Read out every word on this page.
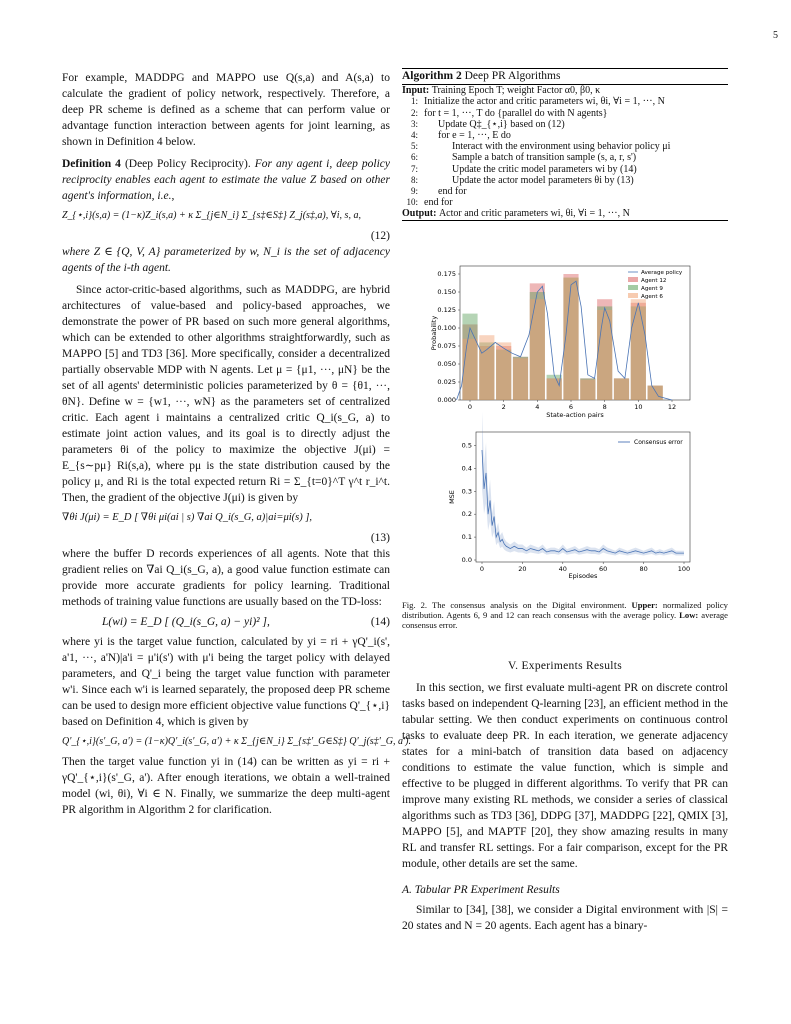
5

For example, MADDPG and MAPPO use Q(s,a) and A(s,a) to calculate the gradient of policy network, respectively. Therefore, a deep PR scheme is defined as a scheme that can perform value or advantage function interaction between agents for joint learning, as shown in Definition 4 below.

Definition 4 (Deep Policy Reciprocity). For any agent i, deep policy reciprocity enables each agent to estimate the value Z based on other agent's information, i.e.,

Z_{⋆,i}(s,a) = (1−κ)Z_i(s,a) + κ Σ_{j∈N_i} Σ_{s‡∈S‡} Z_j(s‡,a), ∀i, s, a,
(12)

where Z ∈ {Q, V, A} parameterized by w, N_i is the set of adjacency agents of the i-th agent.

Since actor-critic-based algorithms, such as MADDPG, are hybrid architectures of value-based and policy-based approaches, we demonstrate the power of PR based on such more general algorithms, which can be extended to other algorithms straightforwardly, such as MAPPO [5] and TD3 [36]. More specifically, consider a decentralized partially observable MDP with N agents. Let μ = {μ1, ···, μN} be the set of all agents' deterministic policies parameterized by θ = {θ1, ···, θN}. Define w = {w1, ···, wN} as the parameters set of centralized critic. Each agent i maintains a centralized critic Q_i(s_G, a) to estimate joint action values, and its goal is to directly adjust the parameters θi of the policy to maximize the objective J(μi) = E_{s∼pμ} Ri(s,a), where pμ is the state distribution caused by the policy μ, and Ri is the total expected return Ri = Σ_{t=0}^T γ^t r_i^t. Then, the gradient of the objective J(μi) is given by

∇θi J(μi) = E_D [ ∇θi μi(ai | s) ∇ai Q_i(s_G, a)|ai=μi(s) ],
(13)

where the buffer D records experiences of all agents. Note that this gradient relies on ∇ai Q_i(s_G, a), a good value function estimate can provide more accurate gradients for policy learning. Traditional methods of training value functions are usually based on the TD-loss:

L(wi) = E_D [ (Q_i(s_G, a) − yi)² ],	(14)

where yi is the target value function, calculated by yi = ri + γQ'_i(s', a'1, ···, a'N)|a'i = μ'i(s') with μ'i being the target policy with delayed parameters, and Q'_i being the target value function with parameter w'i. Since each w'i is learned separately, the proposed deep PR scheme can be used to design more efficient objective value functions Q'_{⋆,i} based on Definition 4, which is given by

Q'_{⋆,i}(s'_G, a') = (1−κ)Q'_i(s'_G, a') + κ Σ_{j∈N_i} Σ_{s‡'_G∈S‡} Q'_j(s‡'_G, a').

Then the target value function yi in (14) can be written as yi = ri + γQ'_{⋆,i}(s'_G, a'). After enough iterations, we obtain a well-trained model (wi, θi), ∀i ∈ N. Finally, we summarize the deep multi-agent PR algorithm in Algorithm 2 for clarification.

Algorithm 2 Deep PR Algorithms
Input:
Training Epoch T; weight Factor α0, β0, κ
1: Initialize the actor and critic parameters wi, θi, ∀i = 1, ···, N
2: for t = 1, ···, T do {parallel do with N agents}
3:	Update Q‡_{⋆,i} based on (12)
4:	for e = 1, ···, E do
5:	Interact with the environment using behavior policy μi
6:	Sample a batch of transition sample (s, a, r, s')
7:	Update the critic model parameters wi by (14)
8:	Update the actor model parameters θi by (13)
9:	end for
10: end for
Output:
Actor and critic parameters wi, θi, ∀i = 1, ···, N
0.000
0.025
0.050
0.075
0.100
0.125
0.150
0.175
0	2	4	6	8	10	12
State-action pairs
Probability
Average policy
Agent 12
Agent 9
Agent 6
0.0
0.1
0.2
0.3
0.4
0.5
0	20	40	60	80	100
Episodes
MSE
Consensus error
Fig. 2. The consensus analysis on the Digital environment. Upper: normalized policy distribution. Agents 6, 9 and 12 can reach consensus with the average policy. Low: average consensus error.
V. Experiments Results

In this section, we first evaluate multi-agent PR on discrete control tasks based on independent Q-learning [23], an efficient method in the tabular setting. We then conduct experiments on continuous control tasks to evaluate deep PR. In each iteration, we generate adjacency states for a mini-batch of transition data based on adjacency conditions to estimate the value function, which is simple and effective to be plugged in different algorithms. To verify that PR can improve many existing RL methods, we consider a series of classical algorithms such as TD3 [36], DDPG [37], MADDPG [22], QMIX [3], MAPPO [5], and MAPTF [20], they show amazing results in many RL and transfer RL settings. For a fair comparison, except for the PR module, other details are set the same.

A. Tabular PR Experiment Results

Similar to [34], [38], we consider a Digital environment with |S| = 20 states and N = 20 agents. Each agent has a binary-
